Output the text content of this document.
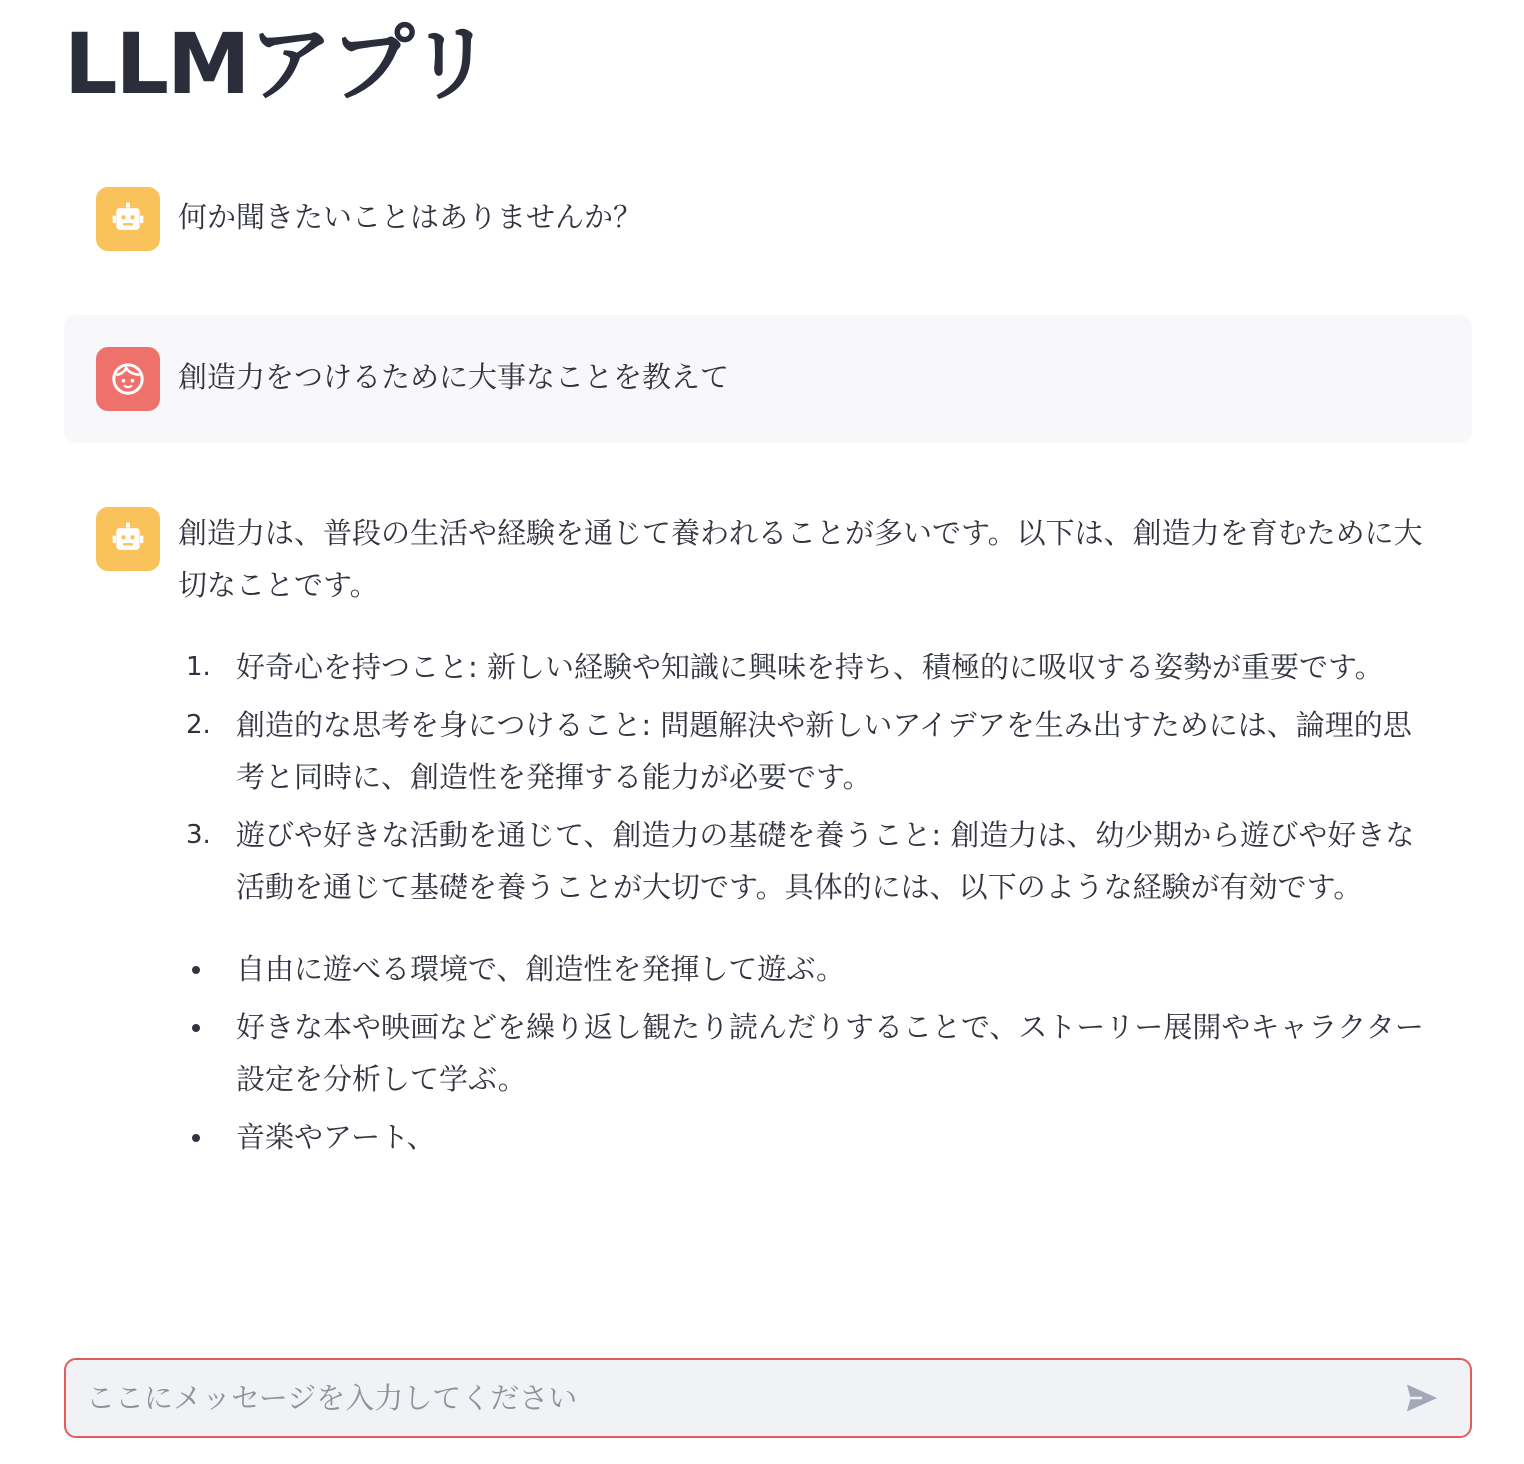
LLMアプリ

何か聞きたいことはありませんか？

創造力をつけるために大事なことを教えて

創造力は、普段の生活や経験を通じて養われることが多いです。以下は、創造力を育むために大切なことです。

好奇心を持つこと: 新しい経験や知識に興味を持ち、積極的に吸収する姿勢が重要です。
創造的な思考を身につけること: 問題解決や新しいアイデアを生み出すためには、論理的思考と同時に、創造性を発揮する能力が必要です。
遊びや好きな活動を通じて、創造力の基礎を養うこと: 創造力は、幼少期から遊びや好きな活動を通じて基礎を養うことが大切です。具体的には、以下のような経験が有効です。
自由に遊べる環境で、創造性を発揮して遊ぶ。
好きな本や映画などを繰り返し観たり読んだりすることで、ストーリー展開やキャラクター設定を分析して学ぶ。
音楽やアート、
ここにメッセージを入力してください
